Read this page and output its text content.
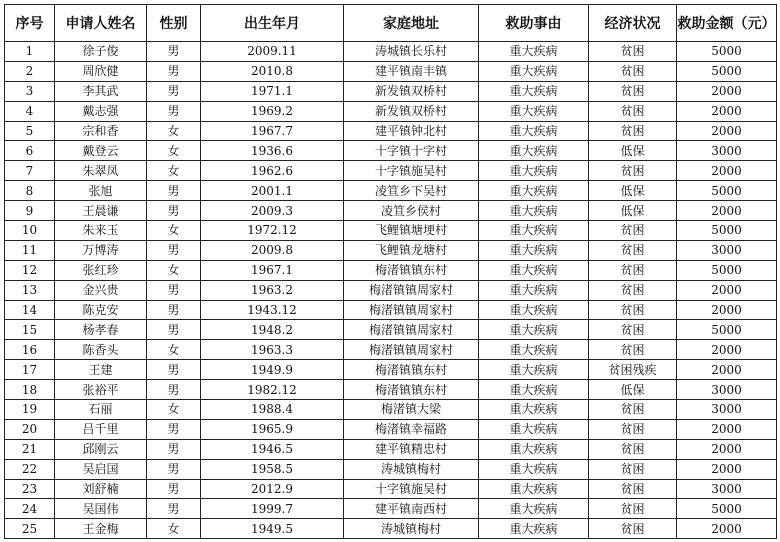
序号	申请人姓名	性别	出生年月	家庭地址	救助事由	经济状况	救助金额（元）
1	徐子俊	男	2009.11	涛城镇长乐村	重大疾病	贫困	5000
2	周欣健	男	2010.8	建平镇南丰镇	重大疾病	贫困	5000
3	李其武	男	1971.1	新发镇双桥村	重大疾病	贫困	2000
4	戴志强	男	1969.2	新发镇双桥村	重大疾病	贫困	2000
5	宗和香	女	1967.7	建平镇钟北村	重大疾病	贫困	2000
6	戴登云	女	1936.6	十字镇十字村	重大疾病	低保	3000
7	朱翠凤	女	1962.6	十字镇施吴村	重大疾病	贫困	2000
8	张旭	男	2001.1	凌笪乡下吴村	重大疾病	低保	5000
9	王晨谦	男	2009.3	凌笪乡侯村	重大疾病	低保	2000
10	朱来玉	女	1972.12	飞鲤镇塘埂村	重大疾病	贫困	5000
11	万博涛	男	2009.8	飞鲤镇龙塘村	重大疾病	贫困	3000
12	张红珍	女	1967.1	梅渚镇镇东村	重大疾病	贫困	5000
13	金兴贵	男	1963.2	梅渚镇镇周家村	重大疾病	贫困	2000
14	陈克安	男	1943.12	梅渚镇镇周家村	重大疾病	贫困	2000
15	杨孝春	男	1948.2	梅渚镇镇周家村	重大疾病	贫困	5000
16	陈香头	女	1963.3	梅渚镇镇周家村	重大疾病	贫困	2000
17	王建	男	1949.9	梅渚镇镇东村	重大疾病	贫困残疾	2000
18	张裕平	男	1982.12	梅渚镇镇东村	重大疾病	低保	3000
19	石丽	女	1988.4	梅渚镇大梁	重大疾病	贫困	3000
20	吕千里	男	1965.9	梅渚镇幸福路	重大疾病	贫困	2000
21	邱刚云	男	1946.5	建平镇精忠村	重大疾病	贫困	2000
22	吴启国	男	1958.5	涛城镇梅村	重大疾病	贫困	2000
23	刘舒楠	男	2012.9	十字镇施吴村	重大疾病	贫困	3000
24	吴国伟	男	1999.7	建平镇南西村	重大疾病	贫困	5000
25	王金梅	女	1949.5	涛城镇梅村	重大疾病	贫困	2000
